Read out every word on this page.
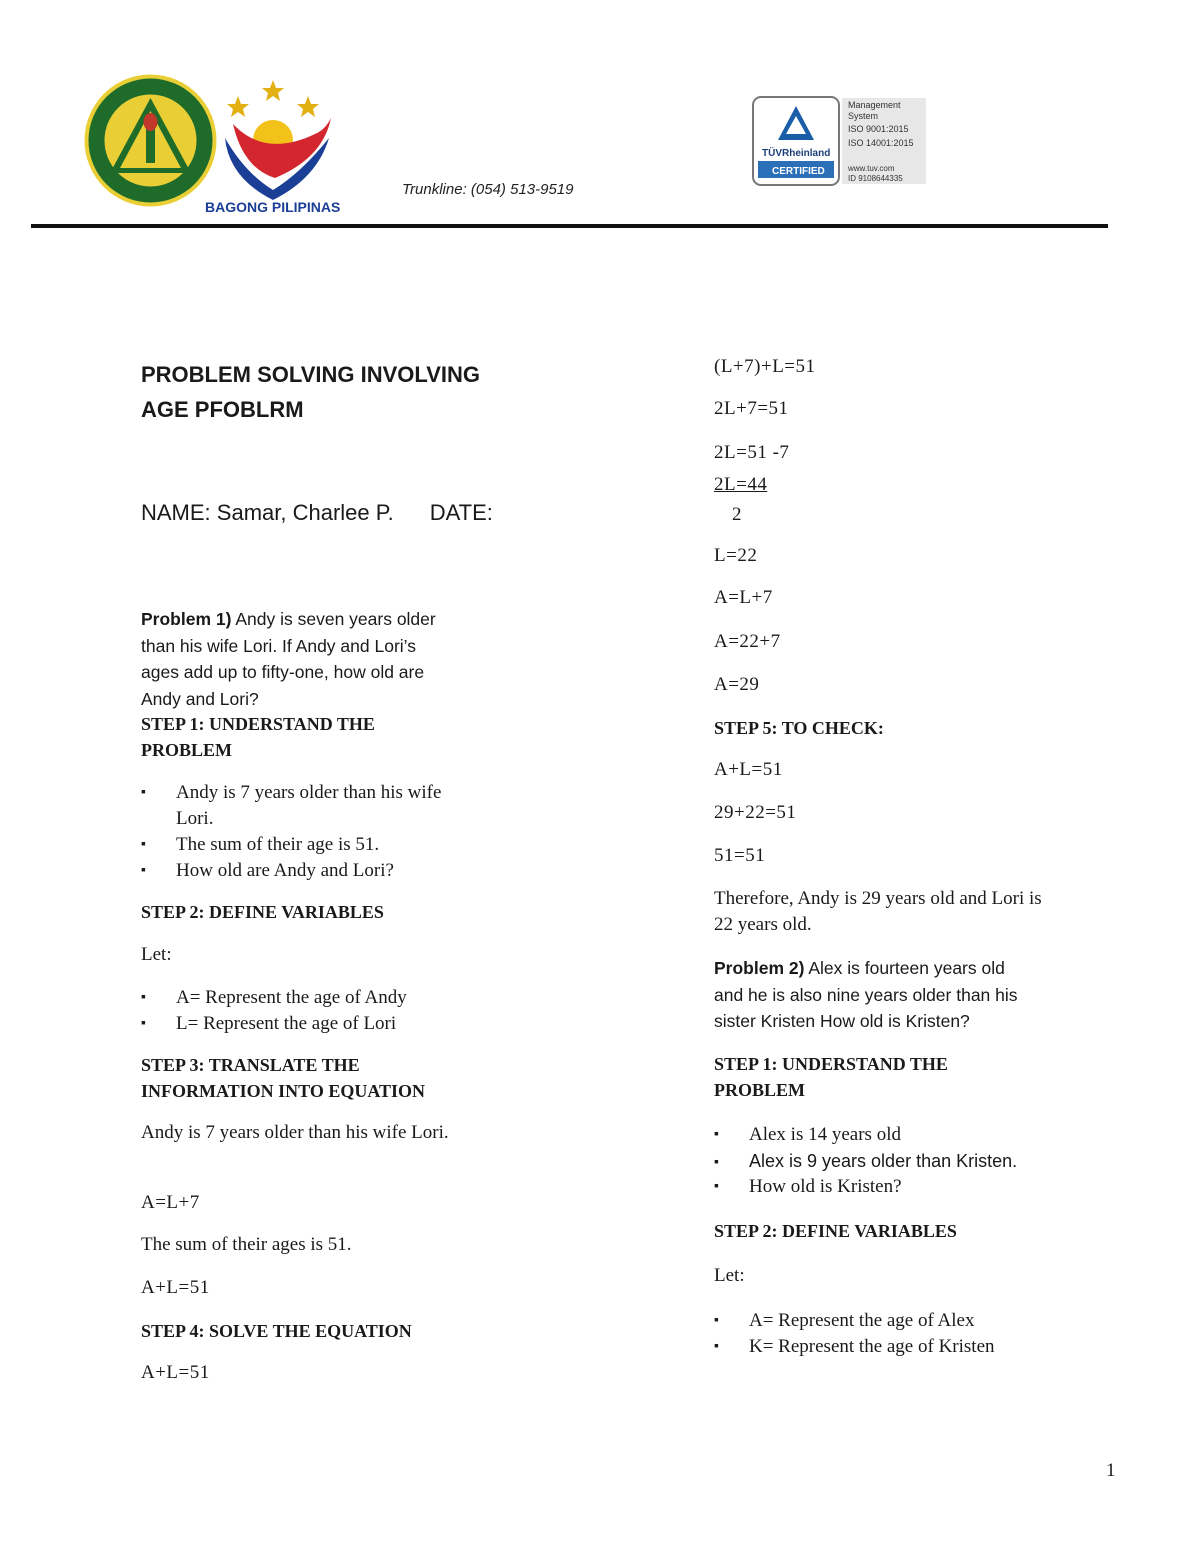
BAGONG PILIPINAS
Trunkline: (054) 513-9519
TÜVRheinland
CERTIFIED
Management
System
ISO 9001:2015
ISO 14001:2015
www.tuv.com
ID 9108644335
PROBLEM SOLVING INVOLVING
AGE PFOBLRM
NAME: Samar, Charlee P. DATE:
Problem 1) Andy is seven years older
than his wife Lori. If Andy and Lori’s
ages add up to fifty-one, how old are
Andy and Lori?
STEP 1: UNDERSTAND THE
PROBLEM
▪ Andy is 7 years older than his wife Lori.
▪ The sum of their age is 51.
▪ How old are Andy and Lori?
STEP 2: DEFINE VARIABLES
Let:
▪ A= Represent the age of Andy
▪ L= Represent the age of Lori
STEP 3: TRANSLATE THE
INFORMATION INTO EQUATION
Andy is 7 years older than his wife Lori.
A=L+7
The sum of their ages is 51.
A+L=51
STEP 4: SOLVE THE EQUATION
A+L=51
(L+7)+L=51
2L+7=51
2L=51 -7
2L=44
2
L=22
A=L+7
A=22+7
A=29
STEP 5: TO CHECK:
A+L=51
29+22=51
51=51
Therefore, Andy is 29 years old and Lori is 22 years old.
Problem 2) Alex is fourteen years old
and he is also nine years older than his
sister Kristen How old is Kristen?
STEP 1: UNDERSTAND THE
PROBLEM
▪ Alex is 14 years old
▪ Alex is 9 years older than Kristen.
▪ How old is Kristen?
STEP 2: DEFINE VARIABLES
Let:
▪ A= Represent the age of Alex
▪ K= Represent the age of Kristen
1
